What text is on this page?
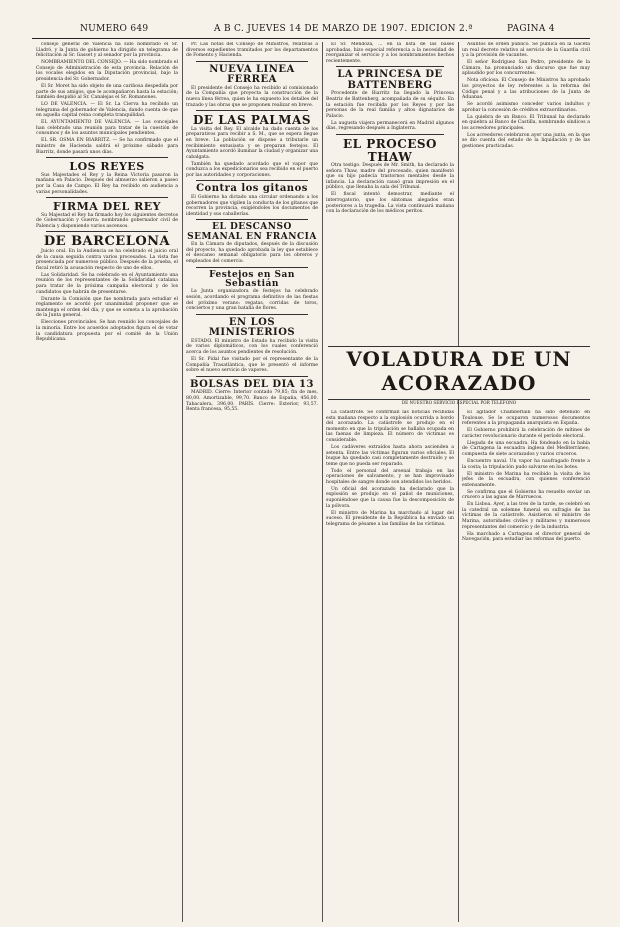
NUMERO 649	A B C. JUEVES 14 DE MARZO DE 1907. EDICION 2.ª	PAGINA 4

consejo general de Valencia ha sido nombrado el Sr. Lladró, y la Junta de gobierno ha dirigido un telegrama de felicitación al Sr. Gasset y al senador por la provincia.

NOMBRAMIENTO DEL CONSEJO. — Ha sido nombrado el Consejo de Administración de esta provincia. Relación de los vocales elegidos en la Diputación provincial, bajo la presidencia del Sr. Gobernador.

El Sr. Moret ha sido objeto de una cariñosa despedida por parte de sus amigos, que le acompañaron hasta la estación; también despidió al Sr. Canalejas el Sr. Romanones.

LO DE VALENCIA. — El Sr. La Cierva ha recibido un telegrama del gobernador de Valencia, dando cuenta de que en aquella capital reina completa tranquilidad.

EL AYUNTAMIENTO DE VALENCIA. — Los concejales han celebrado una reunión para tratar de la cuestión de consumos y de los asuntos municipales pendientes.

EL SR. OSMA EN BIARRITZ. — Se ha confirmado que el ministro de Hacienda saldrá el próximo sábado para Biarritz, donde pasará unos días.

LOS REYES

Sus Majestades el Rey y la Reina Victoria pasaron la mañana en Palacio. Después del almuerzo salieron a paseo por la Casa de Campo. El Rey ha recibido en audiencia a varias personalidades.

FIRMA DEL REY

Su Majestad el Rey ha firmado hoy los siguientes decretos de Gobernación y Guerra: nombrando gobernador civil de Palencia y disponiendo varios ascensos.

DE BARCELONA

Juicio oral. En la Audiencia se ha celebrado el juicio oral de la causa seguida contra varios procesados. La vista fue presenciada por numeroso público. Después de la prueba, el fiscal retiró la acusación respecto de uno de ellos.

Las Solidaridad. Se ha celebrado en el Ayuntamiento una reunión de los representantes de la Solidaridad catalana para tratar de la próxima campaña electoral y de los candidatos que habrán de presentarse.

Durante la Comisión que fue nombrada para estudiar el reglamento se acordó por unanimidad proponer que se mantenga el orden del día, y que se someta a la aprobación de la Junta general.

Elecciones provinciales. Se han reunido los concejales de la minoría. Entre los acuerdos adoptados figura el de votar la candidatura propuesta por el comité de la Unión Republicana.

Pr. Las notas del Consejo de Ministros, relativas a diversos expedientes tramitados por los departamentos de Fomento y Hacienda.

NUEVA LINEA FERREA

El presidente del Consejo ha recibido al comisionado de la Compañía que proyecta la construcción de la nueva línea férrea, quien le ha expuesto los detalles del trazado y las obras que se proponen realizar en breve.

DE LAS PALMAS

La visita del Rey. El alcalde ha dado cuenta de los preparativos para recibir a S. M., que se espera llegue en breve. La población se dispone a tributarle un recibimiento entusiasta y se preparan festejos. El Ayuntamiento acordó iluminar la ciudad y organizar una cabalgata.

También ha quedado acordado que el vapor que conduzca a los expedicionarios sea recibido en el puerto por las autoridades y corporaciones.

Contra los gitanos

El Gobierno ha dictado una circular ordenando a los gobernadores que vigilen la conducta de los gitanos que recorren la provincia, exigiéndoles los documentos de identidad y sus caballerías.

EL DESCANSO SEMANAL EN FRANCIA

En la Cámara de diputados, después de la discusión del proyecto, ha quedado aprobada la ley que establece el descanso semanal obligatorio para los obreros y empleados del comercio.

Festejos en San Sebastián

La Junta organizadora de festejos ha celebrado sesión, acordando el programa definitivo de las fiestas del próximo verano: regatas, corridas de toros, conciertos y una gran batalla de flores.

EN LOS MINISTERIOS

ESTADO. El ministro de Estado ha recibido la visita de varios diplomáticos, con los cuales conferenció acerca de los asuntos pendientes de resolución.

El Sr. Pidal fue visitado por el representante de la Compañía Trasatlántica, que le presentó el informe sobre el nuevo servicio de vapores.

BOLSAS DEL DIA 13

MADRID. Cierre: Interior contado 79,85; fin de mes, 80,00. Amortizable, 99,70. Banco de España, 456,00. Tabacalera, 396,00. PARÍS. Cierre: Exterior, 93,57. Renta francesa, 95,55.

El Sr. Mendoza, ... en la lista de las bases aprobadas, hizo especial referencia a la necesidad de reorganizar el servicio y a los nombramientos hechos recientemente.

LA PRINCESA DE BATTENBERG

Procedente de Biarritz ha llegado la Princesa Beatriz de Battenberg, acompañada de su séquito. En la estación fue recibida por los Reyes y por las personas de la real familia y altos dignatarios de Palacio.

La augusta viajera permanecerá en Madrid algunos días, regresando después a Inglaterra.

EL PROCESO THAW

Otra testigo. Después de Mr. Smith, ha declarado la señora Thaw, madre del procesado, quien manifestó que su hijo padecía trastornos mentales desde la infancia. La declaración causó gran impresión en el público, que llenaba la sala del Tribunal.

El fiscal intentó demostrar, mediante el interrogatorio, que los síntomas alegados eran posteriores a la tragedia. La vista continuará mañana con la declaración de los médicos peritos.

Asuntos de orden público. Se publica en la Gaceta un real decreto relativo al servicio de la Guardia civil y a la provisión de vacantes.

El señor Rodríguez San Pedro, presidente de la Cámara, ha pronunciado un discurso que fue muy aplaudido por los concurrentes.

Nota oficiosa. El Consejo de Ministros ha aprobado los proyectos de ley referentes a la reforma del Código penal y a las atribuciones de la Junta de Aduanas.

Se acordó asimismo conceder varios indultos y aprobar la concesión de créditos extraordinarios.

La quiebra de un Banco. El Tribunal ha declarado en quiebra al Banco de Castilla, nombrando síndicos a los acreedores principales.

Los acreedores celebraron ayer una junta, en la que se dio cuenta del estado de la liquidación y de las gestiones practicadas.

VOLADURA DE UN ACORAZADO
DE NUESTRO SERVICIO ESPECIAL POR TELÉFONO

La catástrofe. Se confirman las noticias recibidas esta mañana respecto a la explosión ocurrida a bordo del acorazado. La catástrofe se produjo en el momento en que la tripulación se hallaba ocupada en las faenas de limpieza. El número de víctimas es considerable.

Los cadáveres extraídos hasta ahora ascienden a setenta. Entre las víctimas figuran varios oficiales. El buque ha quedado casi completamente destruido y se teme que no pueda ser reparado.

Todo el personal del arsenal trabaja en las operaciones de salvamento, y se han improvisado hospitales de sangre donde son atendidos los heridos.

Un oficial del acorazado ha declarado que la explosión se produjo en el pañol de municiones, suponiéndose que la causa fue la descomposición de la pólvora.

El ministro de Marina ha marchado al lugar del suceso. El presidente de la República ha enviado un telegrama de pésame a las familias de las víctimas.

El agitador Chamberlain ha sido detenido en Toulouse. Se le ocuparon numerosos documentos referentes a la propaganda anarquista en España.

El Gobierno prohibirá la celebración de mítines de carácter revolucionario durante el período electoral.

Llegada de una escuadra. Ha fondeado en la bahía de Cartagena la escuadra inglesa del Mediterráneo, compuesta de siete acorazados y varios cruceros.

Encuentro naval. Un vapor ha naufragado frente a la costa; la tripulación pudo salvarse en los botes.

El ministro de Marina ha recibido la visita de los jefes de la escuadra, con quienes conferenció extensamente.

Se confirma que el Gobierno ha resuelto enviar un crucero a las aguas de Marruecos.

En Lisboa. Ayer, a las tres de la tarde, se celebró en la catedral un solemne funeral en sufragio de las víctimas de la catástrofe. Asistieron el ministro de Marina, autoridades civiles y militares y numerosos representantes del comercio y de la industria.

Ha marchado a Cartagena el director general de Navegación, para estudiar las reformas del puerto.
